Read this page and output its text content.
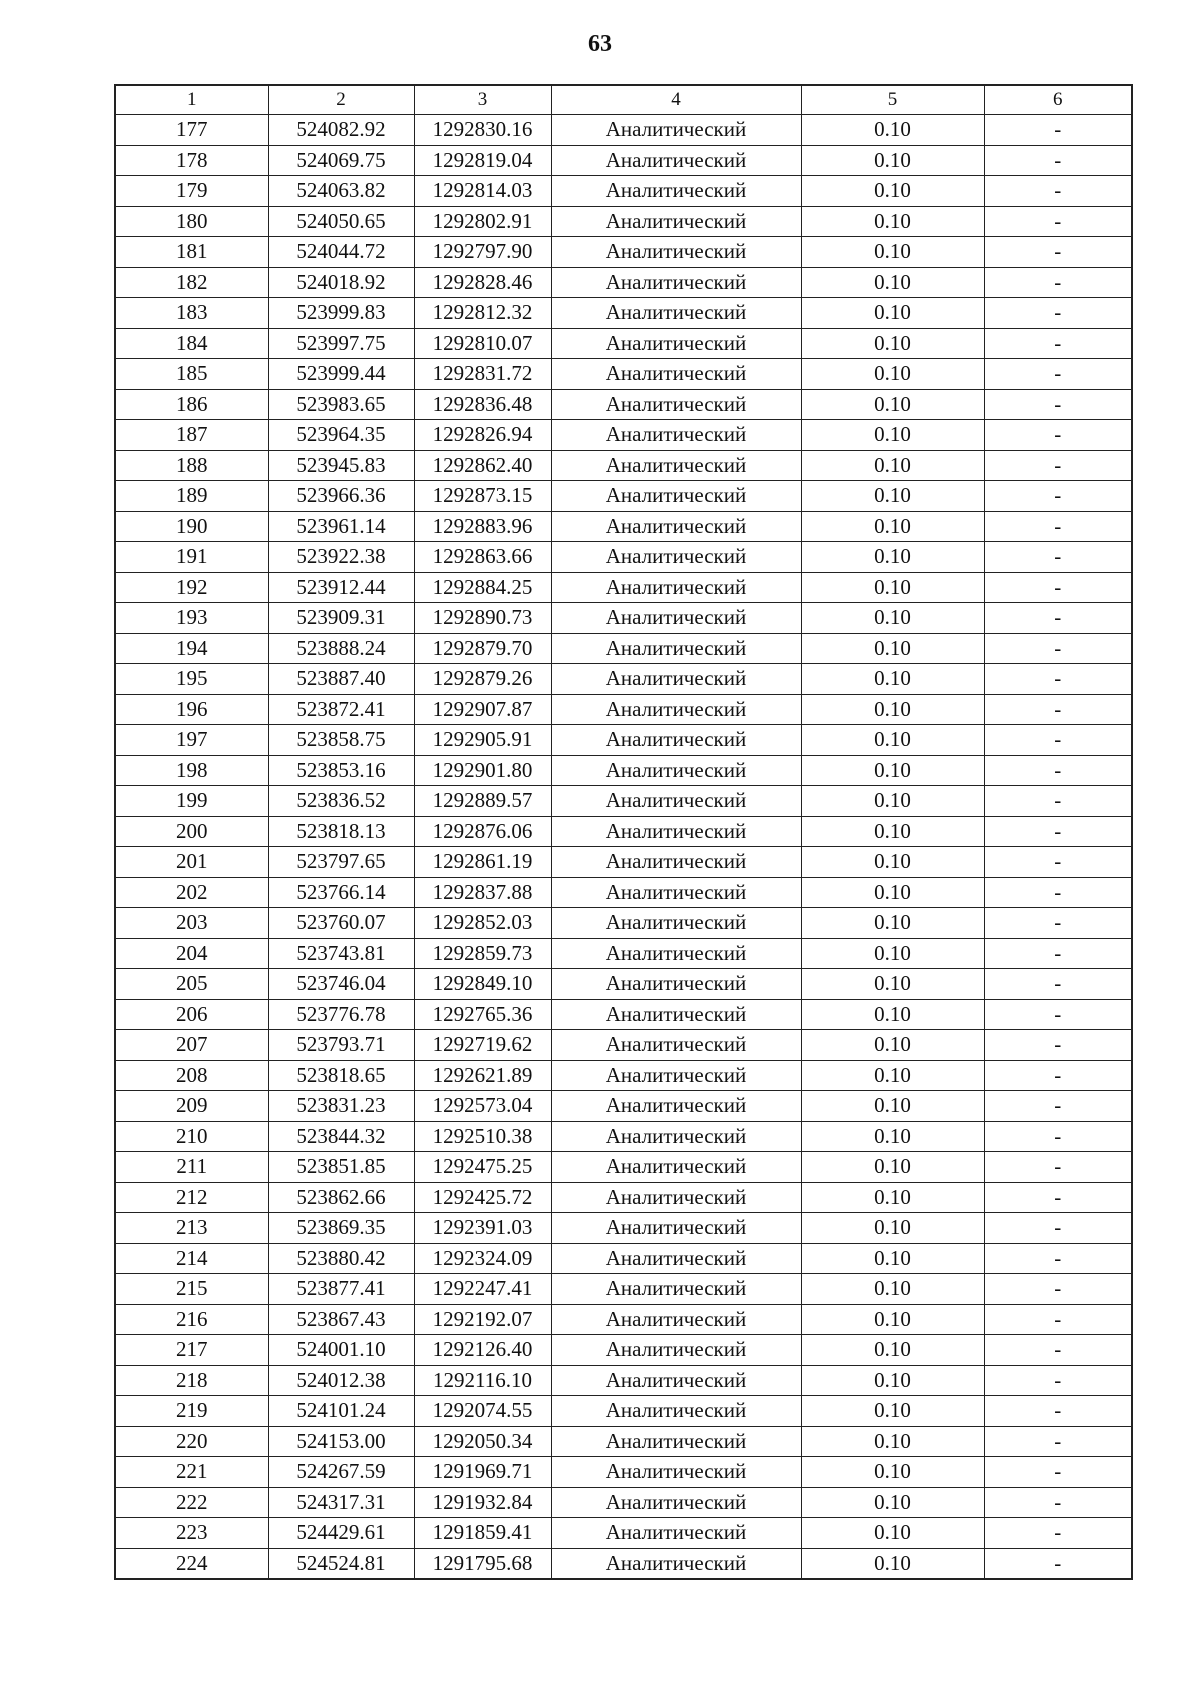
63
1	2	3	4	5	6
177	524082.92	1292830.16	Аналитический	0.10	-
178	524069.75	1292819.04	Аналитический	0.10	-
179	524063.82	1292814.03	Аналитический	0.10	-
180	524050.65	1292802.91	Аналитический	0.10	-
181	524044.72	1292797.90	Аналитический	0.10	-
182	524018.92	1292828.46	Аналитический	0.10	-
183	523999.83	1292812.32	Аналитический	0.10	-
184	523997.75	1292810.07	Аналитический	0.10	-
185	523999.44	1292831.72	Аналитический	0.10	-
186	523983.65	1292836.48	Аналитический	0.10	-
187	523964.35	1292826.94	Аналитический	0.10	-
188	523945.83	1292862.40	Аналитический	0.10	-
189	523966.36	1292873.15	Аналитический	0.10	-
190	523961.14	1292883.96	Аналитический	0.10	-
191	523922.38	1292863.66	Аналитический	0.10	-
192	523912.44	1292884.25	Аналитический	0.10	-
193	523909.31	1292890.73	Аналитический	0.10	-
194	523888.24	1292879.70	Аналитический	0.10	-
195	523887.40	1292879.26	Аналитический	0.10	-
196	523872.41	1292907.87	Аналитический	0.10	-
197	523858.75	1292905.91	Аналитический	0.10	-
198	523853.16	1292901.80	Аналитический	0.10	-
199	523836.52	1292889.57	Аналитический	0.10	-
200	523818.13	1292876.06	Аналитический	0.10	-
201	523797.65	1292861.19	Аналитический	0.10	-
202	523766.14	1292837.88	Аналитический	0.10	-
203	523760.07	1292852.03	Аналитический	0.10	-
204	523743.81	1292859.73	Аналитический	0.10	-
205	523746.04	1292849.10	Аналитический	0.10	-
206	523776.78	1292765.36	Аналитический	0.10	-
207	523793.71	1292719.62	Аналитический	0.10	-
208	523818.65	1292621.89	Аналитический	0.10	-
209	523831.23	1292573.04	Аналитический	0.10	-
210	523844.32	1292510.38	Аналитический	0.10	-
211	523851.85	1292475.25	Аналитический	0.10	-
212	523862.66	1292425.72	Аналитический	0.10	-
213	523869.35	1292391.03	Аналитический	0.10	-
214	523880.42	1292324.09	Аналитический	0.10	-
215	523877.41	1292247.41	Аналитический	0.10	-
216	523867.43	1292192.07	Аналитический	0.10	-
217	524001.10	1292126.40	Аналитический	0.10	-
218	524012.38	1292116.10	Аналитический	0.10	-
219	524101.24	1292074.55	Аналитический	0.10	-
220	524153.00	1292050.34	Аналитический	0.10	-
221	524267.59	1291969.71	Аналитический	0.10	-
222	524317.31	1291932.84	Аналитический	0.10	-
223	524429.61	1291859.41	Аналитический	0.10	-
224	524524.81	1291795.68	Аналитический	0.10	-
